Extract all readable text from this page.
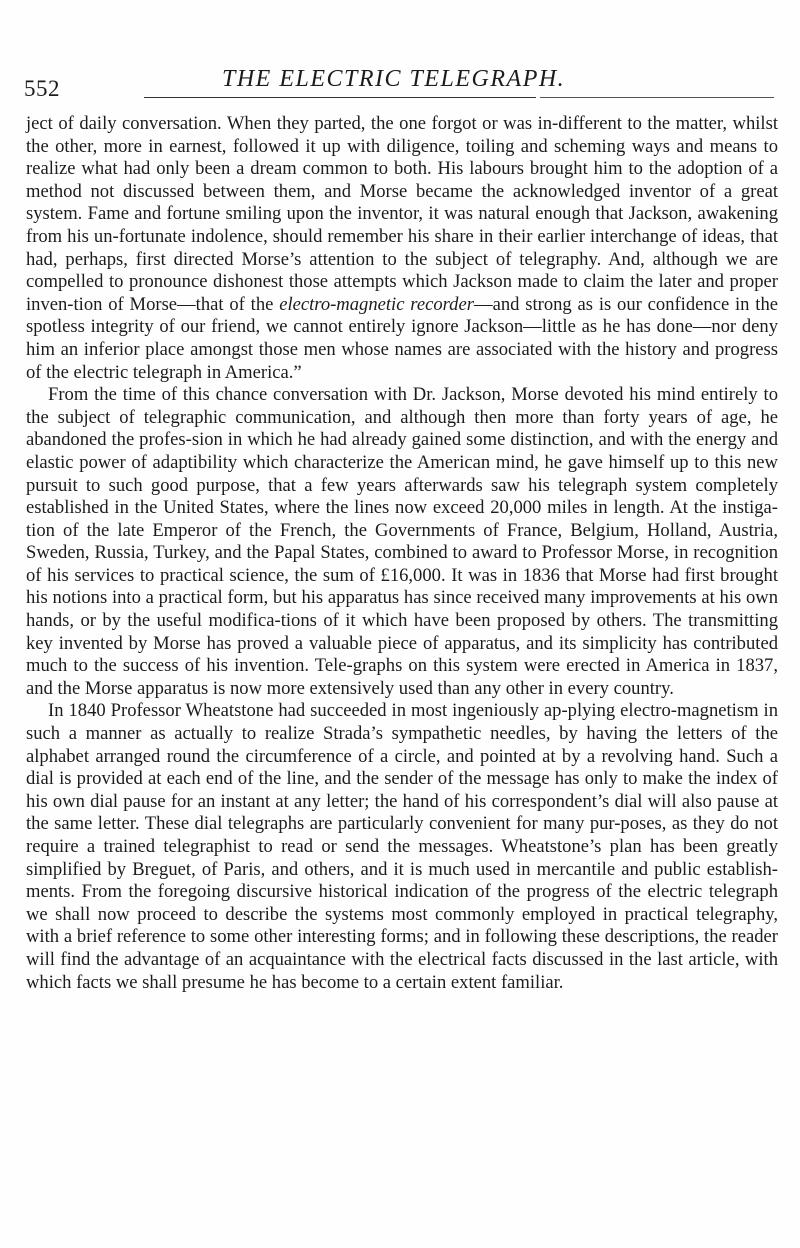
552	THE ELECTRIC TELEGRAPH.

ject of daily conversation. When they parted, the one forgot or was in-different to the matter, whilst the other, more in earnest, followed it up with diligence, toiling and scheming ways and means to realize what had only been a dream common to both. His labours brought him to the adoption of a method not discussed between them, and Morse became the acknowledged inventor of a great system. Fame and fortune smiling upon the inventor, it was natural enough that Jackson, awakening from his un-fortunate indolence, should remember his share in their earlier interchange of ideas, that had, perhaps, first directed Morse’s attention to the subject of telegraphy. And, although we are compelled to pronounce dishonest those attempts which Jackson made to claim the later and proper inven-tion of Morse—that of the electro-magnetic recorder—and strong as is our confidence in the spotless integrity of our friend, we cannot entirely ignore Jackson—little as he has done—nor deny him an inferior place amongst those men whose names are associated with the history and progress of the electric telegraph in America.”

From the time of this chance conversation with Dr. Jackson, Morse devoted his mind entirely to the subject of telegraphic communication, and although then more than forty years of age, he abandoned the profes-sion in which he had already gained some distinction, and with the energy and elastic power of adaptibility which characterize the American mind, he gave himself up to this new pursuit to such good purpose, that a few years afterwards saw his telegraph system completely established in the United States, where the lines now exceed 20,000 miles in length. At the instiga-tion of the late Emperor of the French, the Governments of France, Belgium, Holland, Austria, Sweden, Russia, Turkey, and the Papal States, combined to award to Professor Morse, in recognition of his services to practical science, the sum of £16,000. It was in 1836 that Morse had first brought his notions into a practical form, but his apparatus has since received many improvements at his own hands, or by the useful modifica-tions of it which have been proposed by others. The transmitting key invented by Morse has proved a valuable piece of apparatus, and its simplicity has contributed much to the success of his invention. Tele-graphs on this system were erected in America in 1837, and the Morse apparatus is now more extensively used than any other in every country.

In 1840 Professor Wheatstone had succeeded in most ingeniously ap-plying electro-magnetism in such a manner as actually to realize Strada’s sympathetic needles, by having the letters of the alphabet arranged round the circumference of a circle, and pointed at by a revolving hand. Such a dial is provided at each end of the line, and the sender of the message has only to make the index of his own dial pause for an instant at any letter; the hand of his correspondent’s dial will also pause at the same letter. These dial telegraphs are particularly convenient for many pur-poses, as they do not require a trained telegraphist to read or send the messages. Wheatstone’s plan has been greatly simplified by Breguet, of Paris, and others, and it is much used in mercantile and public establish-ments. From the foregoing discursive historical indication of the progress of the electric telegraph we shall now proceed to describe the systems most commonly employed in practical telegraphy, with a brief reference to some other interesting forms; and in following these descriptions, the reader will find the advantage of an acquaintance with the electrical facts discussed in the last article, with which facts we shall presume he has become to a certain extent familiar.
